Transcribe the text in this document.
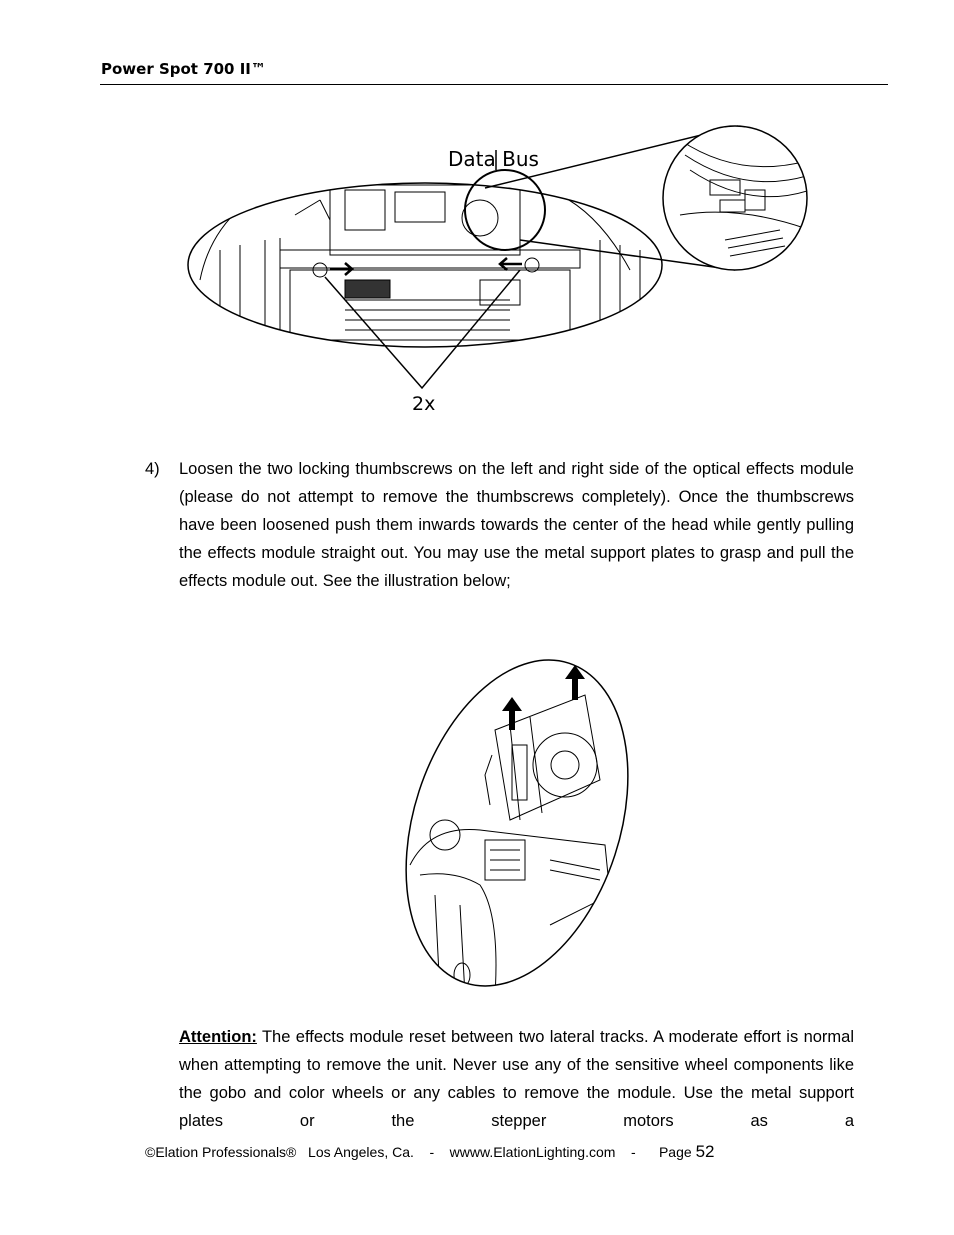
Power Spot 700 II™
Data Bus
2x
4) Loosen the two locking thumbscrews on the left and right side of the optical effects module (please do not attempt to remove the thumbscrews completely). Once the thumbscrews have been loosened push them inwards towards the center of the head while gently pulling the effects module straight out. You may use the metal support plates to grasp and pull the effects module out. See the illustration below;
Attention: The effects module reset between two lateral tracks. A moderate effort is normal when attempting to remove the unit. Never use any of the sensitive wheel components like the gobo and color wheels or any cables to remove the module. Use the metal support plates or the stepper motors as a
©Elation Professionals®   Los Angeles, Ca.    -    wwww.ElationLighting.com    -      Page 52
